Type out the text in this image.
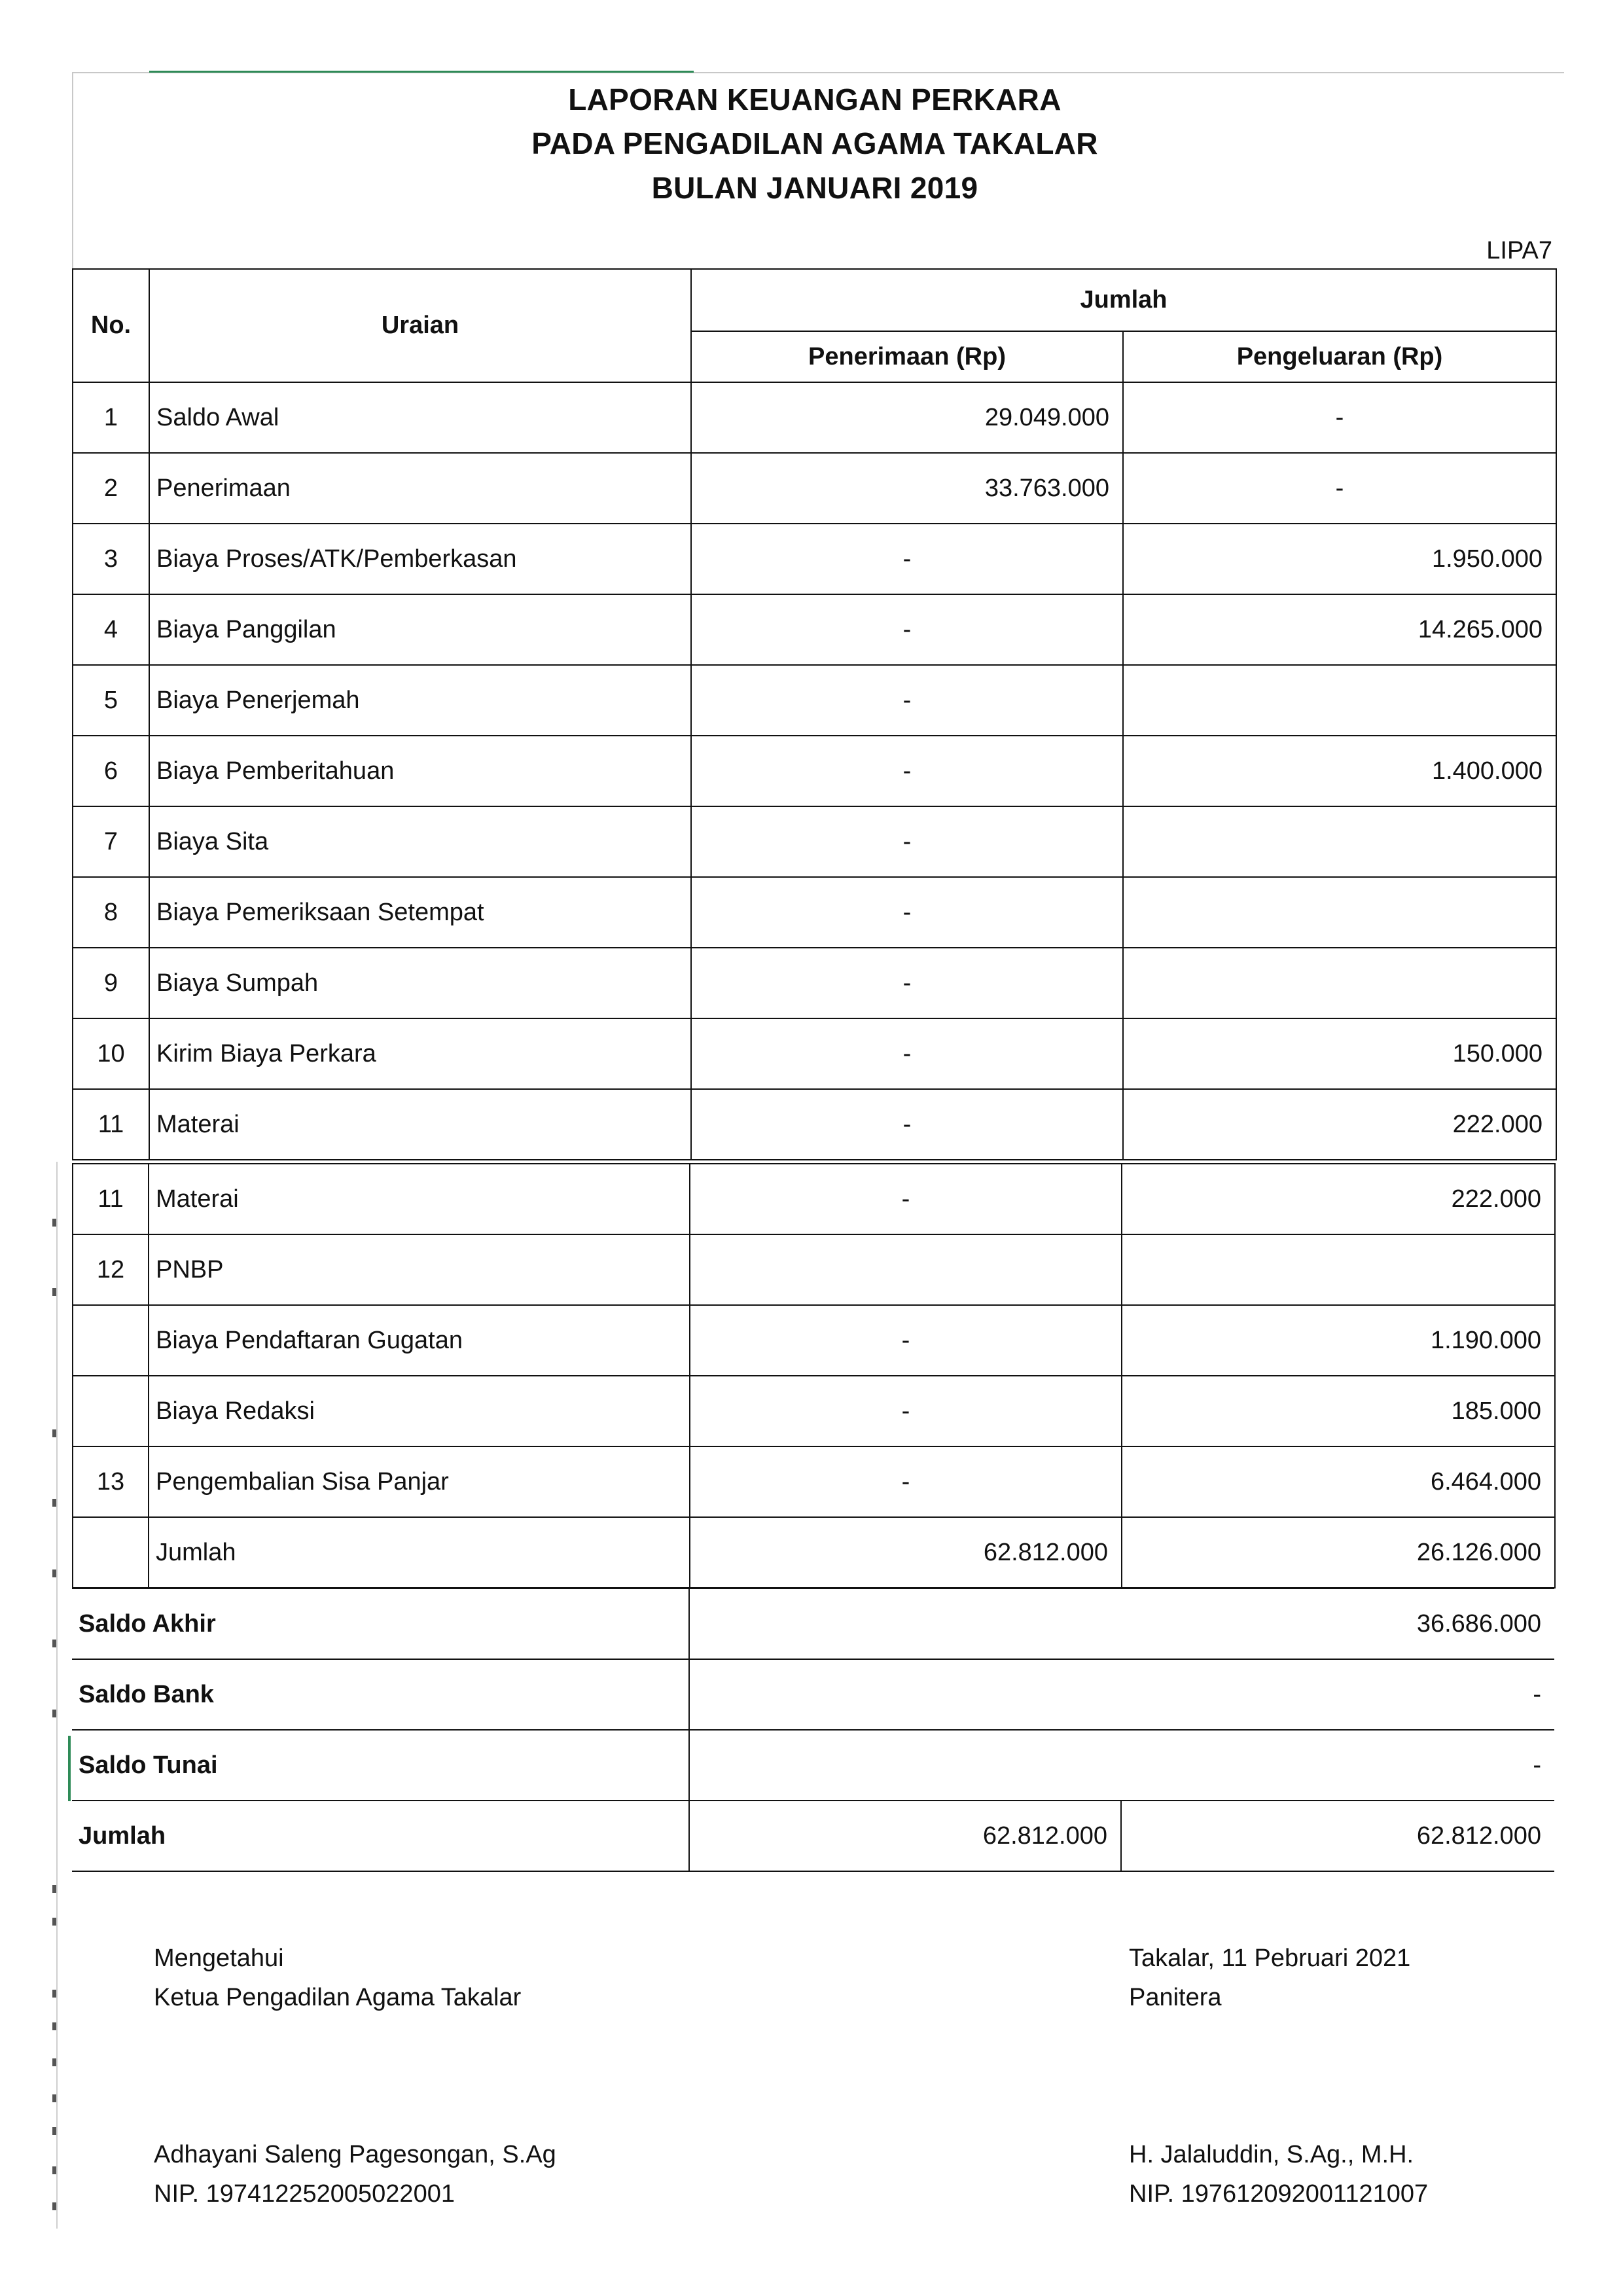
LAPORAN KEUANGAN PERKARA
PADA PENGADILAN AGAMA TAKALAR
BULAN JANUARI 2019
LIPA7
No.	Uraian	Jumlah	
		Penerimaan (Rp)	Pengeluaran (Rp)
1	Saldo Awal	29.049.000	-
2	Penerimaan	33.763.000	-
3	Biaya Proses/ATK/Pemberkasan	-	1.950.000
4	Biaya Panggilan	-	14.265.000
5	Biaya Penerjemah	-	
6	Biaya Pemberitahuan	-	1.400.000
7	Biaya Sita	-	
8	Biaya Pemeriksaan Setempat	-	
9	Biaya Sumpah	-	
10	Kirim Biaya Perkara	-	150.000
11	Materai	-	222.000
11	Materai	-	222.000
12	PNBP		
	Biaya Pendaftaran Gugatan	-	1.190.000
	Biaya Redaksi	-	185.000
13	Pengembalian Sisa Panjar	-	6.464.000
	Jumlah	62.812.000	26.126.000
Saldo Akhir	36.686.000	
Saldo Bank	-	
Saldo Tunai	-	
Jumlah	62.812.000	62.812.000
Mengetahui
Ketua Pengadilan Agama Takalar
Adhayani Saleng Pagesongan, S.Ag
NIP. 197412252005022001
Takalar, 11 Pebruari 2021
Panitera
H. Jalaluddin, S.Ag., M.H.
NIP. 197612092001121007
